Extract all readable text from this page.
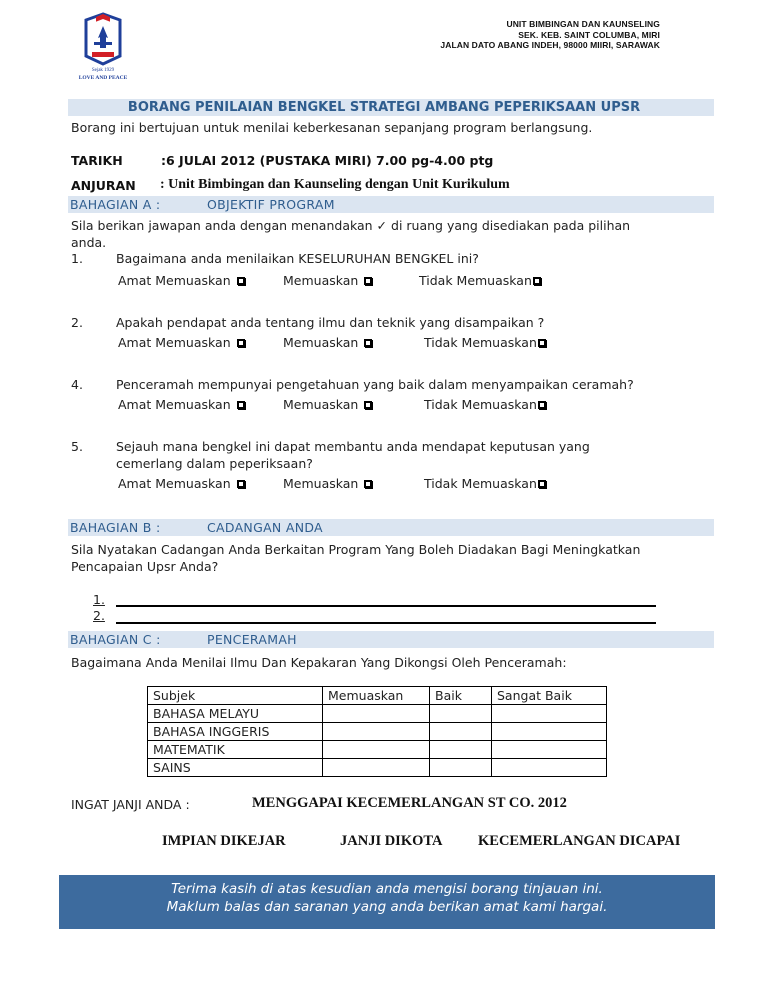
Sejak 1929
LOVE AND PEACE
UNIT BIMBINGAN DAN KAUNSELING
SEK. KEB. SAINT COLUMBA, MIRI
JALAN DATO ABANG INDEH, 98000 MIIRI, SARAWAK
BORANG PENILAIAN BENGKEL STRATEGI AMBANG PEPERIKSAAN UPSR
Borang ini bertujuan untuk menilai keberkesanan sepanjang program berlangsung.
TARIKH	:6 JULAI 2012 (PUSTAKA MIRI) 7.00 pg-4.00 ptg
ANJURAN : Unit Bimbingan dan Kaunseling dengan Unit Kurikulum
BAHAGIAN A :	OBJEKTIF PROGRAM
Sila berikan jawapan anda dengan menandakan ✓ di ruang yang disediakan pada pilihan
anda.
1.	Bagaimana anda menilaikan KESELURUHAN BENGKEL ini?
Amat Memuaskan	Memuaskan	Tidak Memuaskan
2.	Apakah pendapat anda tentang ilmu dan teknik yang disampaikan ?
Amat Memuaskan	Memuaskan	Tidak Memuaskan
4.	Penceramah mempunyai pengetahuan yang baik dalam menyampaikan ceramah?
Amat Memuaskan	Memuaskan	Tidak Memuaskan
5.	Sejauh mana bengkel ini dapat membantu anda mendapat keputusan yang
cemerlang dalam peperiksaan?
Amat Memuaskan	Memuaskan	Tidak Memuaskan
BAHAGIAN B :	CADANGAN ANDA
Sila Nyatakan Cadangan Anda Berkaitan Program Yang Boleh Diadakan Bagi Meningkatkan
Pencapaian Upsr Anda?
1.
2.
BAHAGIAN C :	PENCERAMAH
Bagaimana Anda Menilai Ilmu Dan Kepakaran Yang Dikongsi Oleh Penceramah:
Subjek	Memuaskan	Baik	Sangat Baik
BAHASA MELAYU			
BAHASA INGGERIS			
MATEMATIK			
SAINS			
INGAT JANJI ANDA :	MENGGAPAI KECEMERLANGAN ST CO. 2012
IMPIAN DIKEJAR	JANJI DIKOTA KECEMERLANGAN DICAPAI
Terima kasih di atas kesudian anda mengisi borang tinjauan ini.
Maklum balas dan saranan yang anda berikan amat kami hargai.
